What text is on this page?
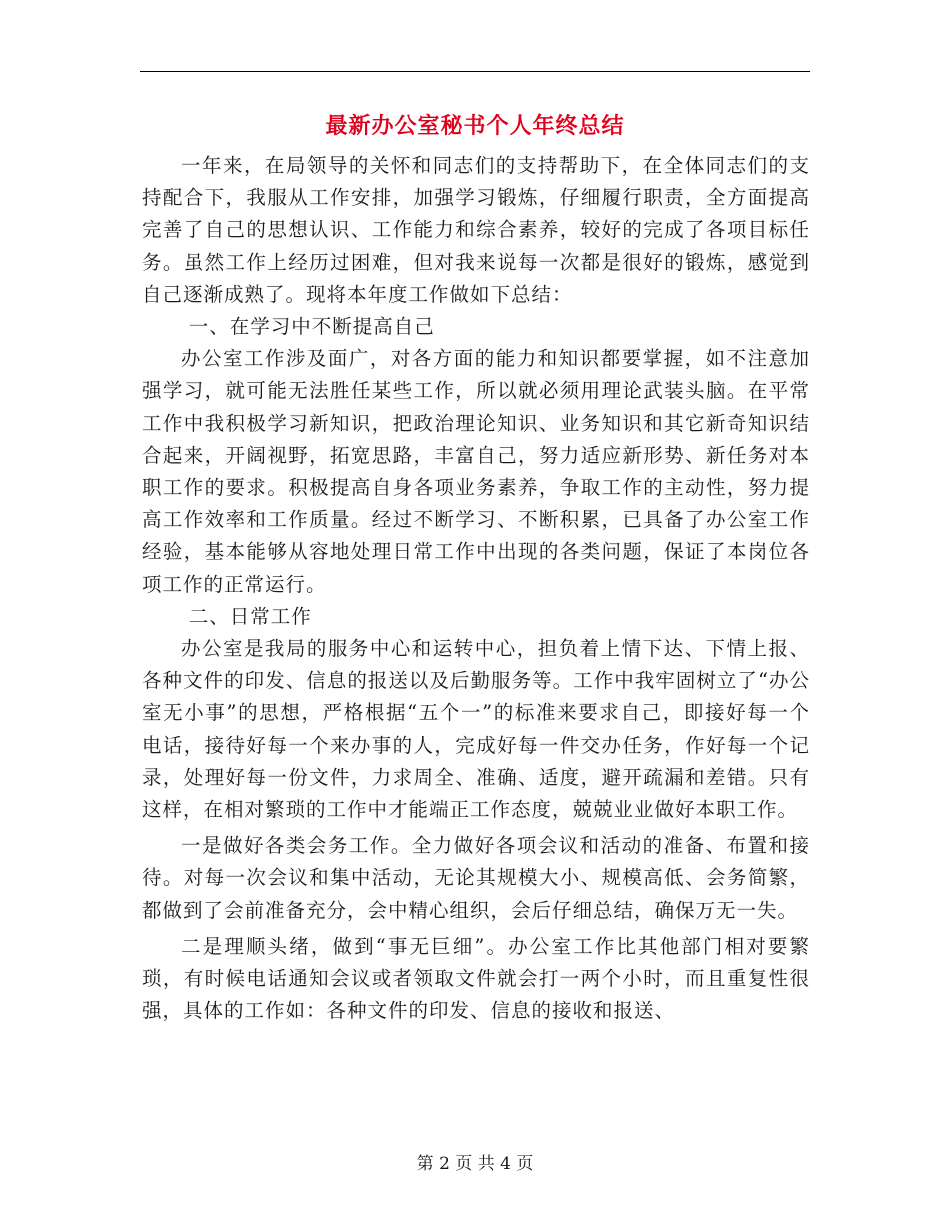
最新办公室秘书个人年终总结

一年来，在局领导的关怀和同志们的支持帮助下，在全体同志们的支持配合下，我服从工作安排，加强学习锻炼，仔细履行职责，全方面提高完善了自己的思想认识、工作能力和综合素养，较好的完成了各项目标任务。虽然工作上经历过困难，但对我来说每一次都是很好的锻炼，感觉到自己逐渐成熟了。现将本年度工作做如下总结：

一、在学习中不断提高自己

办公室工作涉及面广，对各方面的能力和知识都要掌握，如不注意加强学习，就可能无法胜任某些工作，所以就必须用理论武装头脑。在平常工作中我积极学习新知识，把政治理论知识、业务知识和其它新奇知识结合起来，开阔视野，拓宽思路，丰富自己，努力适应新形势、新任务对本职工作的要求。积极提高自身各项业务素养，争取工作的主动性，努力提高工作效率和工作质量。经过不断学习、不断积累，已具备了办公室工作经验，基本能够从容地处理日常工作中出现的各类问题，保证了本岗位各项工作的正常运行。

二、日常工作

办公室是我局的服务中心和运转中心，担负着上情下达、下情上报、各种文件的印发、信息的报送以及后勤服务等。工作中我牢固树立了“办公室无小事”的思想，严格根据“五个一”的标准来要求自己，即接好每一个电话，接待好每一个来办事的人，完成好每一件交办任务，作好每一个记录，处理好每一份文件，力求周全、准确、适度，避开疏漏和差错。只有这样，在相对繁琐的工作中才能端正工作态度，兢兢业业做好本职工作。

一是做好各类会务工作。全力做好各项会议和活动的准备、布置和接待。对每一次会议和集中活动，无论其规模大小、规模高低、会务简繁，都做到了会前准备充分，会中精心组织，会后仔细总结，确保万无一失。

二是理顺头绪，做到“事无巨细”。办公室工作比其他部门相对要繁琐，有时候电话通知会议或者领取文件就会打一两个小时，而且重复性很强，具体的工作如：各种文件的印发、信息的接收和报送、

第 2 页 共 4 页
